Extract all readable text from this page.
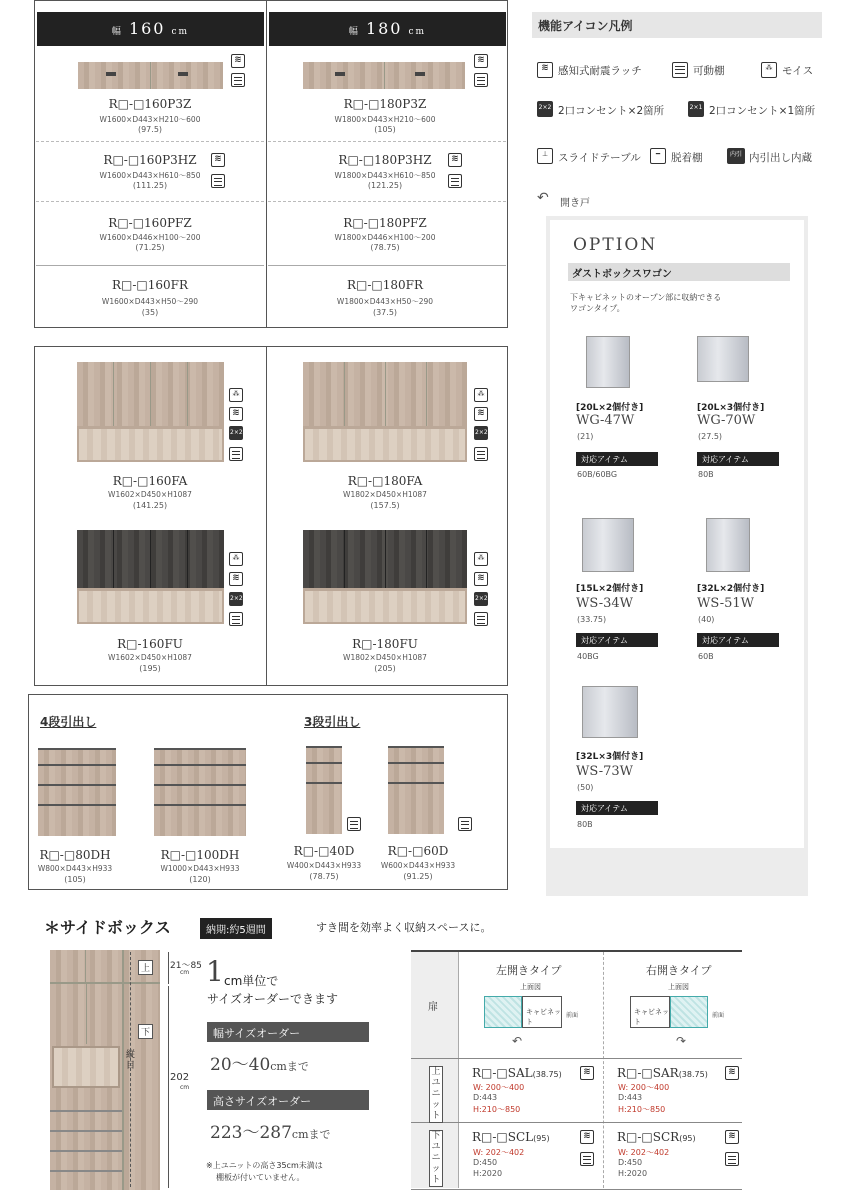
幅 160 cm	幅 180 cm
≋
R□-□160P3Z
W1600×D443×H210～600
(97.5)
R□-□160P3HZ	≋
W1600×D443×H610～850
(111.25)
R□-□160PFZ
W1600×D446×H100～200
(71.25)
R□-□160FR
W1600×D443×H50～290
(35)
≋
R□-□180P3Z
W1800×D443×H210～600
(105)
R□-□180P3HZ	≋
W1800×D443×H610～850
(121.25)
R□-□180PFZ
W1800×D446×H100～200
(78.75)
R□-□180FR
W1800×D443×H50～290
(37.5)
⁂
≋
2×2
R□-□160FA
W1602×D450×H1087
(141.25)
⁂
≋
2×2
R□-□180FA
W1802×D450×H1087
(157.5)
⁂
≋
2×2
R□-160FU
W1602×D450×H1087
(195)
⁂
≋
2×2
R□-180FU
W1802×D450×H1087
(205)
4段引出し	3段引出し
R□-□80DH
W800×D443×H933
(105)
R□-□100DH
W1000×D443×H933
(120)
R□-□40D
W400×D443×H933
(78.75)
R□-□60D
W600×D443×H933
(91.25)
機能アイコン凡例
≋ 感知式耐震ラッチ	可動棚	⁂ モイス
2×2 2口コンセント×2箇所	2×1 2口コンセント×1箇所
⊥ スライドテーブル	━	脱着棚	内引 内引出し内蔵
↶ 開き戸
OPTION
ダストボックスワゴン
下キャビネットのオープン部に収納できる
ワゴンタイプ。
[20L×2個付き]
WG-47W
(21)
対応アイテム
60B/60BG
[20L×3個付き]
WG-70W
(27.5)
対応アイテム
80B
[15L×2個付き]
WS-34W
(33.75)
対応アイテム
40BG
[32L×2個付き]
WS-51W
(40)
対応アイテム
60B
[32L×3個付き]
WS-73W
(50)
対応アイテム
80B
＊サイドボックス	納期:約5週間	すき間を効率よく収納スペースに。
上
下
縦目
21～85
cm
202
cm
1 cm単位で
サイズオーダーできます
幅サイズオーダー
20～40cmまで
高さサイズオーダー
223～287cmまで
※上ユニットの高さ35cm未満は
棚板が付いていません。
扉
上ユニット
下ユニット
左開きタイプ	右開きタイプ
上面図
キャビネット
前面
↶
上面図
キャビネット
前面
↷
R□-□SAL(38.75)	≋
W: 200～400
D:443
H:210～850
R□-□SAR(38.75)	≋
W: 200～400
D:443
H:210～850
R□-□SCL(95)	≋
W: 202～402
D:450
H:2020
R□-□SCR(95)	≋
W: 202～402
D:450
H:2020
